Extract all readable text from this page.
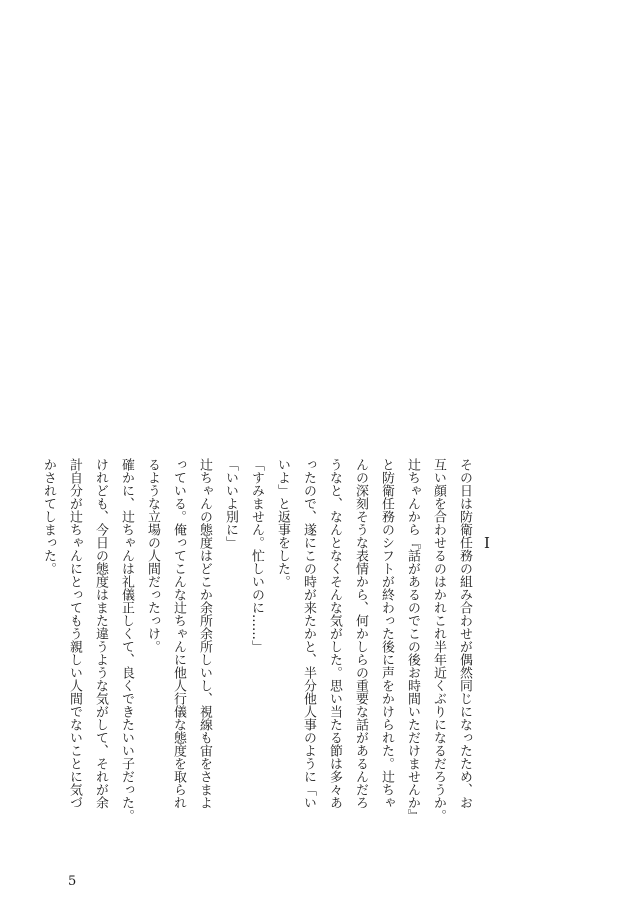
I

その日は防衛任務の組み合わせが偶然同じになったため、お

互い顔を合わせるのはかれこれ半年近くぶりになるだろうか。

辻ちゃんから『話があるのでこの後お時間いただけませんか』

と防衛任務のシフトが終わった後に声をかけられた。辻ちゃ

んの深刻そうな表情から、何かしらの重要な話があるんだろ

うなと、なんとなくそんな気がした。思い当たる節は多々あ

ったので、遂にこの時が来たかと、半分他人事のように「い

いよ」と返事をした。

「すみません。忙しいのに……」

「いいよ別に」

辻ちゃんの態度はどこか余所余所しいし、視線も宙をさまよ

っている。俺ってこんな辻ちゃんに他人行儀な態度を取られ

るような立場の人間だったっけ。

確かに、辻ちゃんは礼儀正しくて、良くできたいい子だった。

けれども、今日の態度はまた違うような気がして、それが余

計自分が辻ちゃんにとってもう親しい人間でないことに気づ

かされてしまった。

5
